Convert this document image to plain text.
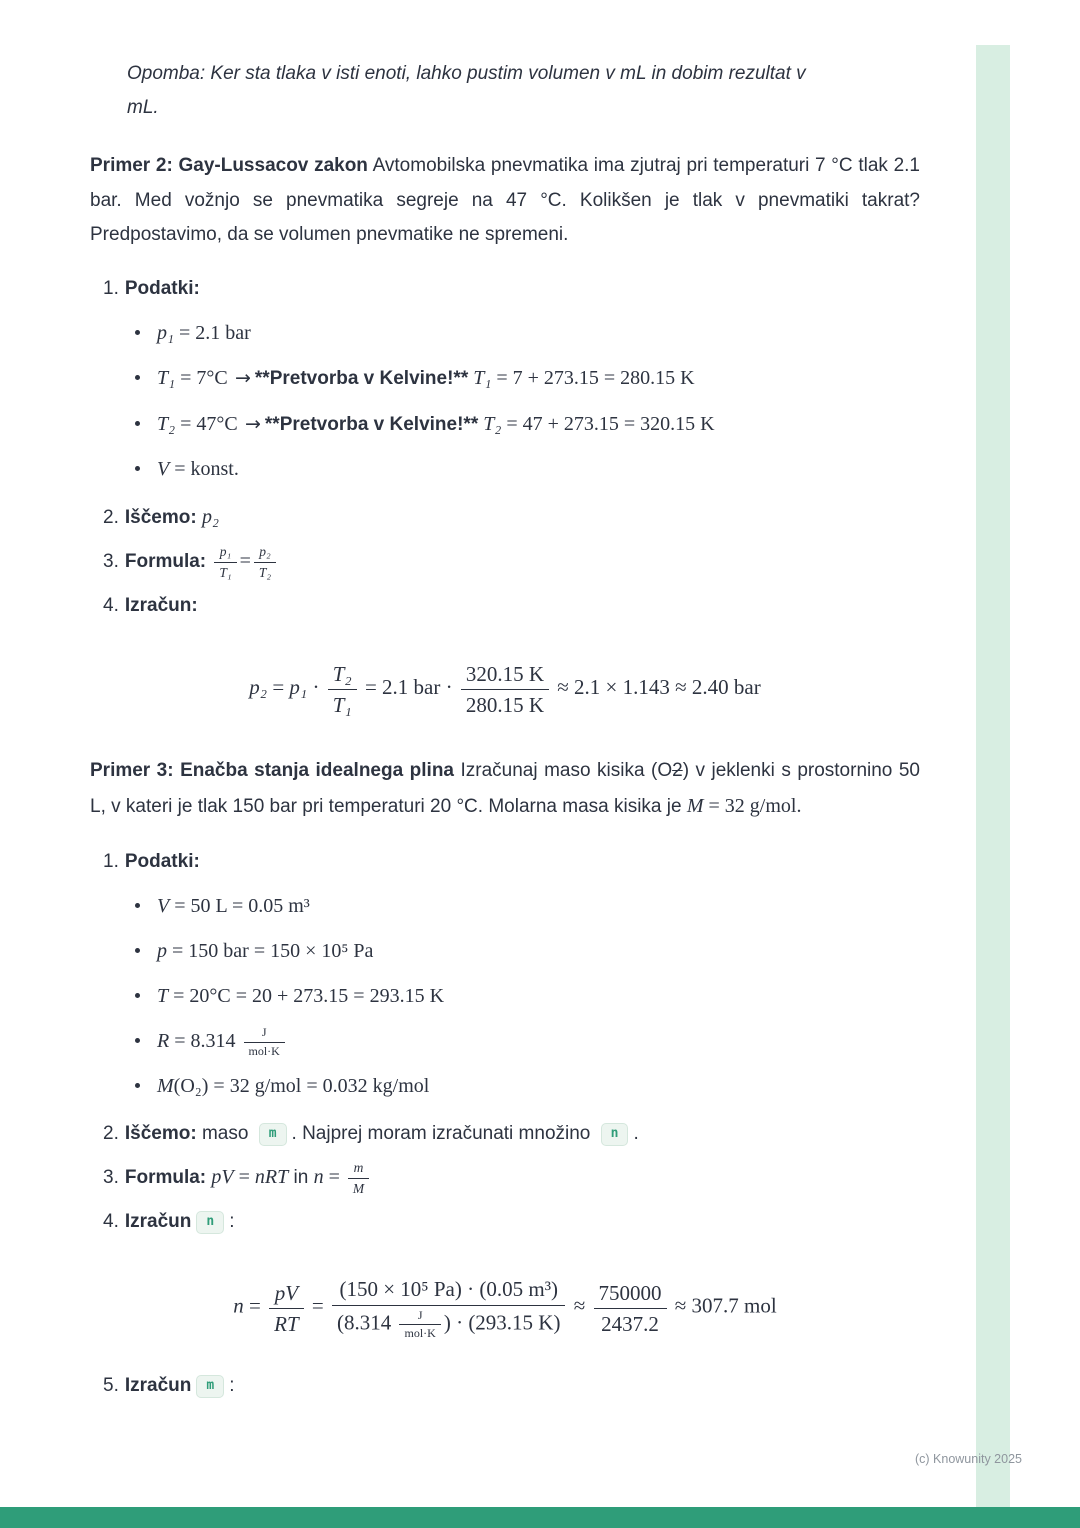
Opomba: Ker sta tlaka v isti enoti, lahko pustim volumen v mL in dobim rezultat v mL.

Primer 2: Gay-Lussacov zakon Avtomobilska pnevmatika ima zjutraj pri temperaturi 7 °C tlak 2.1 bar. Med vožnjo se pnevmatika segreje na 47 °C. Kolikšen je tlak v pnevmatiki takrat? Predpostavimo, da se volumen pnevmatike ne spremeni.

1. Podatki:
p₁ = 2.1 bar
T₁ = 7°C → **Pretvorba v Kelvine!** T₁ = 7 + 273.15 = 280.15 K
T₂ = 47°C → **Pretvorba v Kelvine!** T₂ = 47 + 273.15 = 320.15 K
V = konst.
2. Iščemo: p₂
3. Formula: $\frac{\text{p₁}}{\text{T₁}} = \frac{\text{p₂}}{\text{T₂}}$
4. Izračun:
$p_2 = p_1 \cdot \frac{\text{T₂}}{\text{T₁}} = 2.1$ bar · $\frac{320.15 K}{280.15 K} \approx 2.1 \times 1.143 \approx 2.40$ bar

Primer 3: Enačba stanja idealnega plina Izračunaj maso kisika (O2) v jeklenki s prostornino 50 L, v kateri je tlak 150 bar pri temperaturi 20 °C. Molarna masa kisika je M = 32 g/mol.

1. Podatki:
V = 50 L = 0.05 m³
p = 150 bar = 150 × 10⁵ Pa
T = 20°C = 20 + 273.15 = 293.15 K
$R = 8.314 \frac{J}{\text{mol·K}}$
M(O₂) = 32 g/mol = 0.032 kg/mol
2. Iščemo: maso m . Najprej moram izračunati množino n .
3. Formula: pV = nRT in $n = \frac{m}{M}$
4. Izračun n :
$n = \frac{pV}{RT} = \frac{\text{(150 × 10⁵ Pa) · (0.05 m³)}}{(8.314 \frac{J}{\text{mol·K}} ) \cdot (293.15 K)} \approx \frac{750000}{2437.2} \approx 307.7$ mol
5. Izračun m :
(c) Knowunity 2025
